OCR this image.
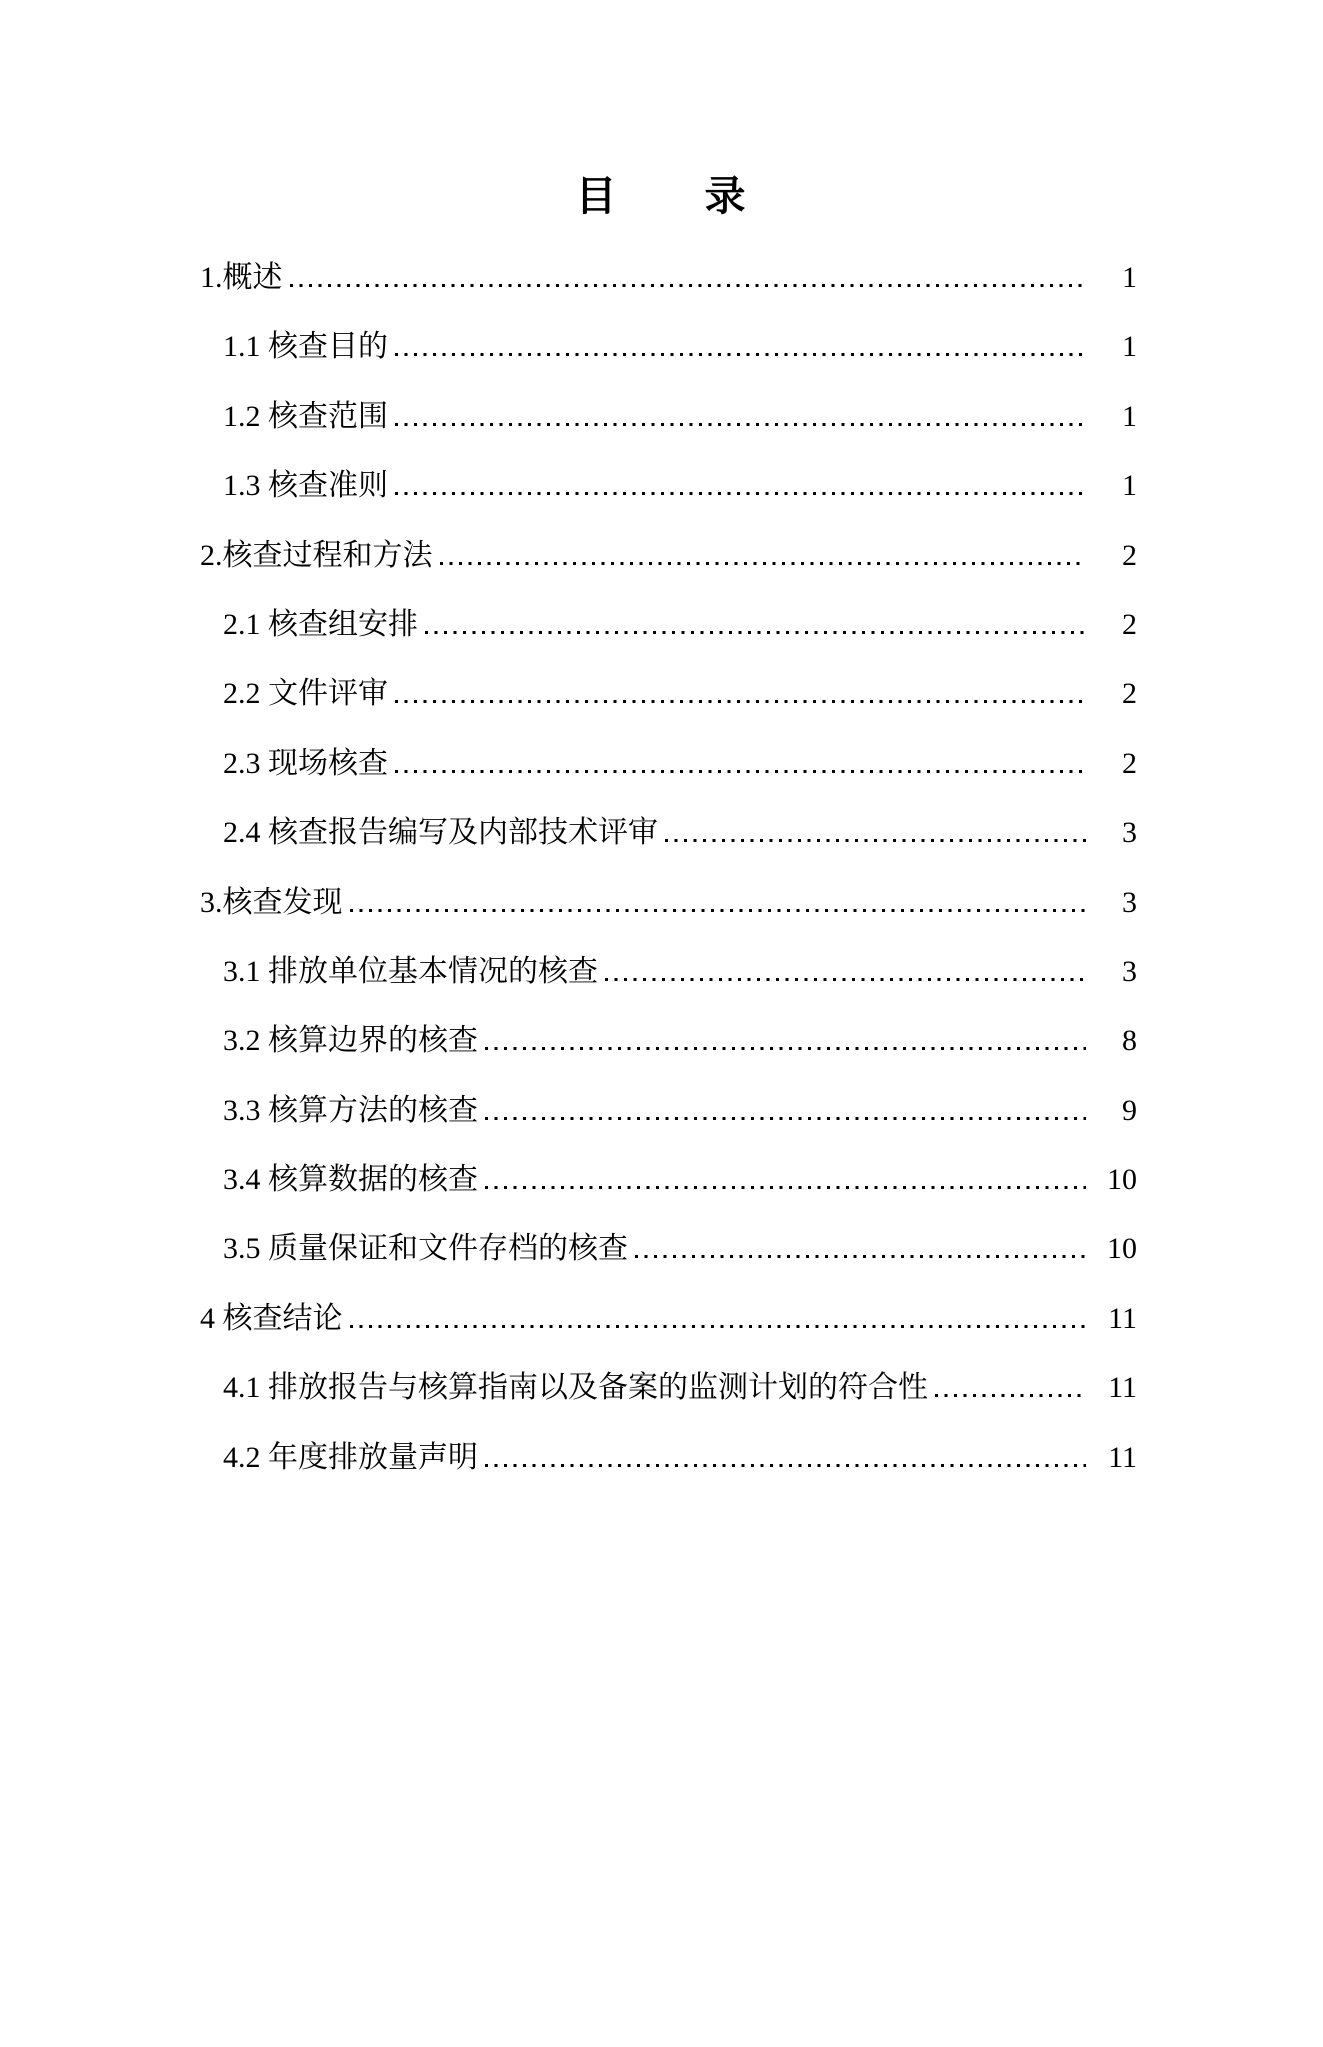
目　　录
1.概述	1
1.1 核查目的	1
1.2 核查范围	1
1.3 核查准则	1
2.核查过程和方法	2
2.1 核查组安排	2
2.2 文件评审	2
2.3 现场核查	2
2.4 核查报告编写及内部技术评审	3
3.核查发现	3
3.1 排放单位基本情况的核查	3
3.2 核算边界的核查	8
3.3 核算方法的核查	9
3.4 核算数据的核查	10
3.5 质量保证和文件存档的核查	10
4 核查结论	11
4.1 排放报告与核算指南以及备案的监测计划的符合性	11
4.2 年度排放量声明	11
